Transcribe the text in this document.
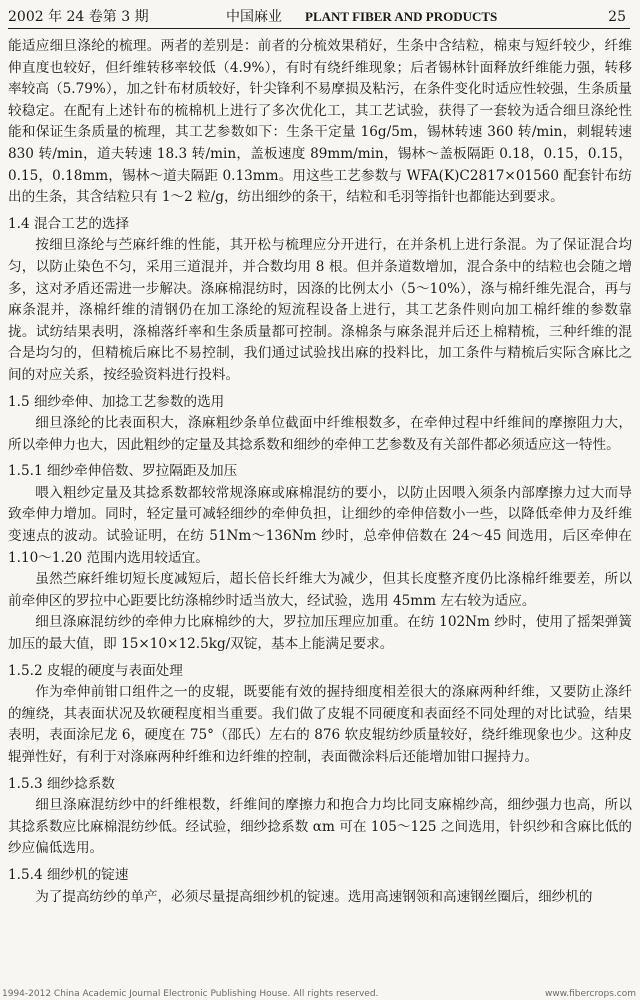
2002 年 24 卷第 3 期	中国麻业 PLANT FIBER AND PRODUCTS	25

能适应细旦涤纶的梳理。两者的差别是：前者的分梳效果稍好，生条中含结粒，棉束与短纤较少，纤维伸直度也较好，但纤维转移率较低（4.9%），有时有绕纤维现象；后者锡林针面释放纤维能力强，转移率较高（5.79%），加之针布材质较好，针尖锋利不易摩损及粘污，在条件变化时适应性较强，生条质量较稳定。在配有上述针布的梳棉机上进行了多次优化工，其工艺试验，获得了一套较为适合细旦涤纶性能和保证生条质量的梳理，其工艺参数如下：生条干定量 16g/5m，锡林转速 360 转/min，刺辊转速 830 转/min，道夫转速 18.3 转/min，盖板速度 89mm/min，锡林～盖板隔距 0.18，0.15，0.15，0.15，0.18mm，锡林～道夫隔距 0.13mm。用这些工艺参数与 WFA(K)C2817×01560 配套针布纺出的生条，其含结粒只有 1～2 粒/g，纺出细纱的条干，结粒和毛羽等指针也都能达到要求。

1.4 混合工艺的选择

按细旦涤纶与苎麻纤维的性能，其开松与梳理应分开进行，在并条机上进行条混。为了保证混合均匀，以防止染色不匀，采用三道混并，并合数均用 8 根。但并条道数增加，混合条中的结粒也会随之增多，这对矛盾还需进一步解决。涤麻棉混纺时，因涤的比例太小（5～10%），涤与棉纤维先混合，再与麻条混并，涤棉纤维的清钢仍在加工涤纶的短流程设备上进行，其工艺条件则向加工棉纤维的参数靠拢。试纺结果表明，涤棉落纤率和生条质量都可控制。涤棉条与麻条混并后还上棉精梳，三种纤维的混合是均匀的，但精梳后麻比不易控制，我们通过试验找出麻的投料比，加工条件与精梳后实际含麻比之间的对应关系，按经验资料进行投料。

1.5 细纱牵伸、加捻工艺参数的选用

细旦涤纶的比表面积大，涤麻粗纱条单位截面中纤维根数多，在牵伸过程中纤维间的摩擦阻力大，所以牵伸力也大，因此粗纱的定量及其捻系数和细纱的牵伸工艺参数及有关部件都必须适应这一特性。

1.5.1 细纱牵伸倍数、罗拉隔距及加压

喂入粗纱定量及其捻系数都较常规涤麻或麻棉混纺的要小，以防止因喂入须条内部摩擦力过大而导致牵伸力增加。同时，轻定量可减轻细纱的牵伸负担，让细纱的牵伸倍数小一些，以降低牵伸力及纤维变速点的波动。试验证明，在纺 51Nm～136Nm 纱时，总牵伸倍数在 24～45 间选用，后区牵伸在 1.10～1.20 范围内选用较适宜。

虽然苎麻纤维切短长度减短后，超长倍长纤维大为减少，但其长度整齐度仍比涤棉纤维要差，所以前牵伸区的罗拉中心距要比纺涤棉纱时适当放大，经试验，选用 45mm 左右较为适应。

细旦涤麻混纺纱的牵伸力比麻棉纱的大，罗拉加压理应加重。在纺 102Nm 纱时，使用了摇架弹簧加压的最大值，即 15×10×12.5kg/双锭，基本上能满足要求。

1.5.2 皮辊的硬度与表面处理

作为牵伸前钳口组件之一的皮辊，既要能有效的握持细度相差很大的涤麻两种纤维，又要防止涤纤的缠绕，其表面状况及软硬程度相当重要。我们做了皮辊不同硬度和表面经不同处理的对比试验，结果表明，表面涂尼龙 6，硬度在 75°（邵氏）左右的 876 软皮辊纺纱质量较好，绕纤维现象也少。这种皮辊弹性好，有利于对涤麻两种纤维和边纤维的控制，表面微涂料后还能增加钳口握持力。

1.5.3 细纱捻系数

细旦涤麻混纺纱中的纤维根数，纤维间的摩擦力和抱合力均比同支麻棉纱高，细纱强力也高，所以其捻系数应比麻棉混纺纱低。经试验，细纱捻系数 αm 可在 105～125 之间选用，针织纱和含麻比低的纱应偏低选用。

1.5.4 细纱机的锭速

为了提高纺纱的单产，必须尽量提高细纱机的锭速。选用高速钢领和高速钢丝圈后，细纱机的

1994-2012 China Academic Journal Electronic Publishing House. All rights reserved.	www.fibercrops.com
